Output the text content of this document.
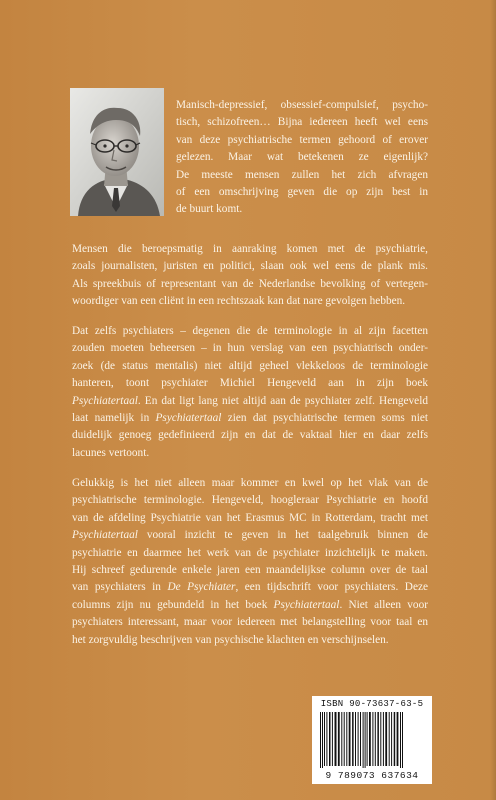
Manisch-depressief, obsessief-compulsief, psycho-
tisch, schizofreen… Bijna iedereen heeft wel eens
van deze psychiatrische termen gehoord of erover
gelezen. Maar wat betekenen ze eigenlijk?
De meeste mensen zullen het zich afvragen
of een omschrijving geven die op zijn best in
de buurt komt.

Mensen die beroepsmatig in aanraking komen met de psychiatrie,
zoals journalisten, juristen en politici, slaan ook wel eens de plank mis.
Als spreekbuis of representant van de Nederlandse bevolking of vertegen-
woordiger van een cliënt in een rechtszaak kan dat nare gevolgen hebben.

Dat zelfs psychiaters – degenen die de terminologie in al zijn facetten
zouden moeten beheersen – in hun verslag van een psychiatrisch onder-
zoek (de status mentalis) niet altijd geheel vlekkeloos de terminologie
hanteren, toont psychiater Michiel Hengeveld aan in zijn boek
Psychiatertaal. En dat ligt lang niet altijd aan de psychiater zelf. Hengeveld
laat namelijk in Psychiatertaal zien dat psychiatrische termen soms niet
duidelijk genoeg gedefinieerd zijn en dat de vaktaal hier en daar zelfs
lacunes vertoont.

Gelukkig is het niet alleen maar kommer en kwel op het vlak van de
psychiatrische terminologie. Hengeveld, hoogleraar Psychiatrie en hoofd
van de afdeling Psychiatrie van het Erasmus MC in Rotterdam, tracht met
Psychiatertaal vooral inzicht te geven in het taalgebruik binnen de
psychiatrie en daarmee het werk van de psychiater inzichtelijk te maken.
Hij schreef gedurende enkele jaren een maandelijkse column over de taal
van psychiaters in De Psychiater, een tijdschrift voor psychiaters. Deze
columns zijn nu gebundeld in het boek Psychiatertaal. Niet alleen voor
psychiaters interessant, maar voor iedereen met belangstelling voor taal en
het zorgvuldig beschrijven van psychische klachten en verschijnselen.

ISBN 90-73637-63-5
9 789073 637634
